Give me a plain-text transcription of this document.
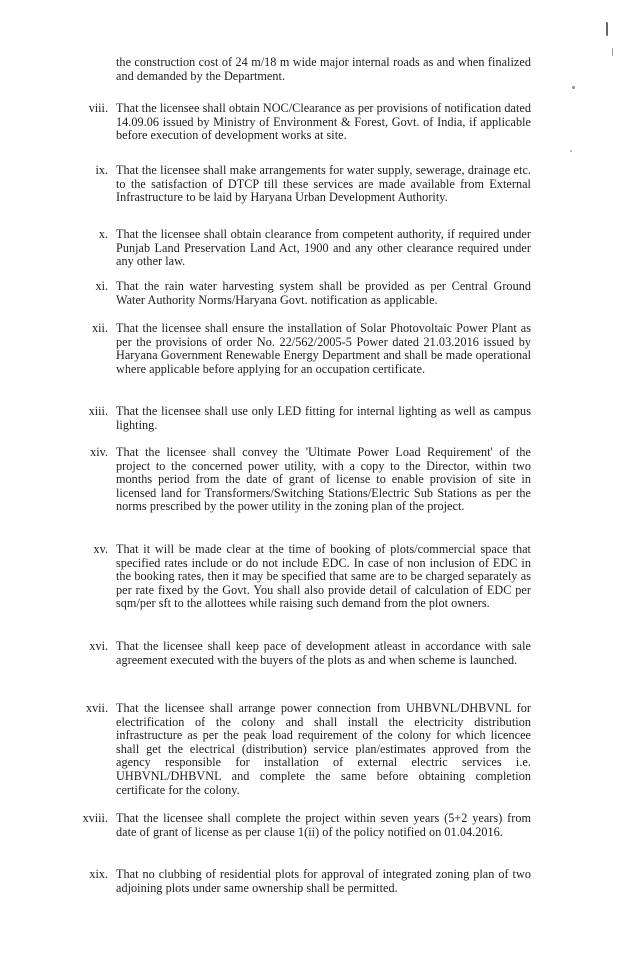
the construction cost of 24 m/18 m wide major internal roads as and when finalized and demanded by the Department.
viii. That the licensee shall obtain NOC/Clearance as per provisions of notification dated 14.09.06 issued by Ministry of Environment & Forest, Govt. of India, if applicable before execution of development works at site.
ix. That the licensee shall make arrangements for water supply, sewerage, drainage etc. to the satisfaction of DTCP till these services are made available from External Infrastructure to be laid by Haryana Urban Development Authority.
x. That the licensee shall obtain clearance from competent authority, if required under Punjab Land Preservation Land Act, 1900 and any other clearance required under any other law.
xi. That the rain water harvesting system shall be provided as per Central Ground Water Authority Norms/Haryana Govt. notification as applicable.
xii. That the licensee shall ensure the installation of Solar Photovoltaic Power Plant as per the provisions of order No. 22/562/2005-5 Power dated 21.03.2016 issued by Haryana Government Renewable Energy Department and shall be made operational where applicable before applying for an occupation certificate.
xiii. That the licensee shall use only LED fitting for internal lighting as well as campus lighting.
xiv. That the licensee shall convey the 'Ultimate Power Load Requirement' of the project to the concerned power utility, with a copy to the Director, within two months period from the date of grant of license to enable provision of site in licensed land for Transformers/Switching Stations/Electric Sub Stations as per the norms prescribed by the power utility in the zoning plan of the project.
xv. That it will be made clear at the time of booking of plots/commercial space that specified rates include or do not include EDC. In case of non inclusion of EDC in the booking rates, then it may be specified that same are to be charged separately as per rate fixed by the Govt. You shall also provide detail of calculation of EDC per sqm/per sft to the allottees while raising such demand from the plot owners.
xvi. That the licensee shall keep pace of development atleast in accordance with sale agreement executed with the buyers of the plots as and when scheme is launched.
xvii. That the licensee shall arrange power connection from UHBVNL/DHBVNL for electrification of the colony and shall install the electricity distribution infrastructure as per the peak load requirement of the colony for which licencee shall get the electrical (distribution) service plan/estimates approved from the agency responsible for installation of external electric services i.e. UHBVNL/DHBVNL and complete the same before obtaining completion certificate for the colony.
xviii. That the licensee shall complete the project within seven years (5+2 years) from date of grant of license as per clause 1(ii) of the policy notified on 01.04.2016.
xix. That no clubbing of residential plots for approval of integrated zoning plan of two adjoining plots under same ownership shall be permitted.
